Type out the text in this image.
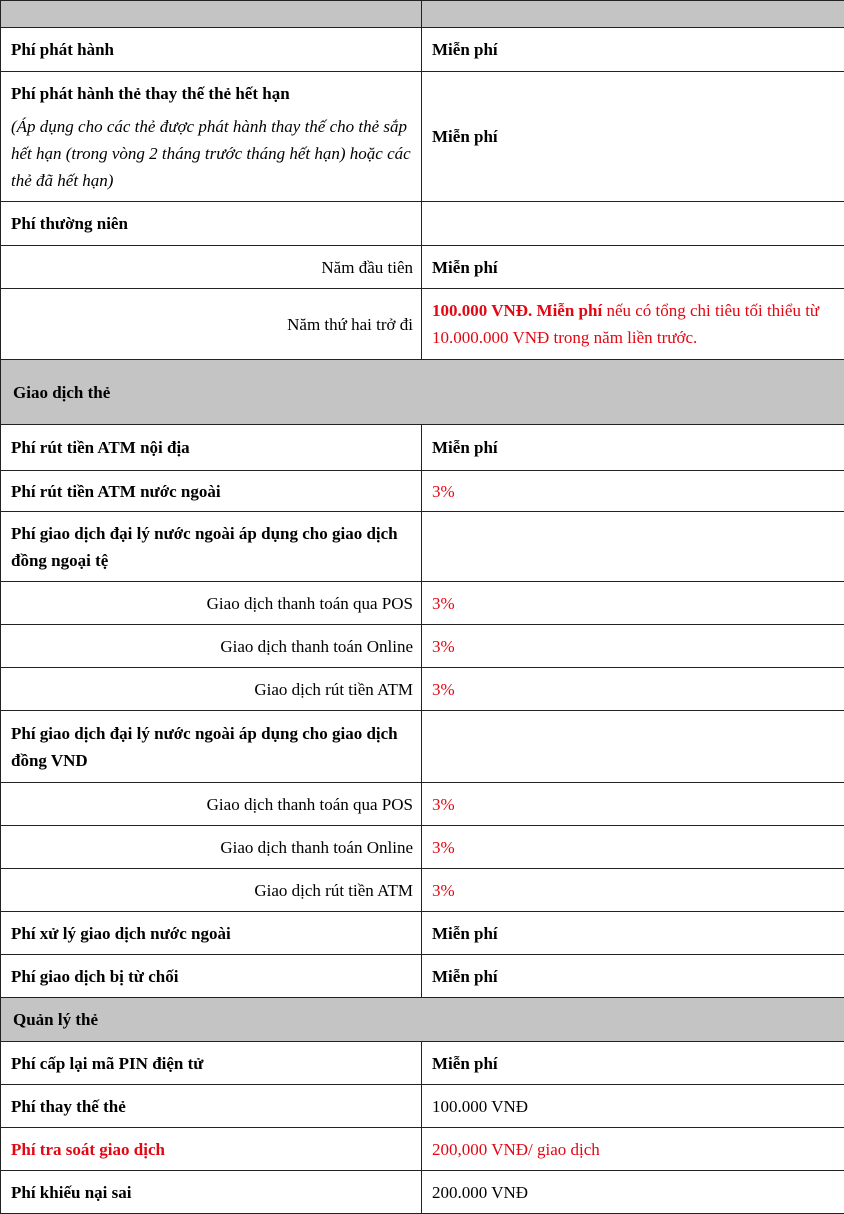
Phí phát hành	Miễn phí
Phí phát hành thẻ thay thế thẻ hết hạn
(Áp dụng cho các thẻ được phát hành thay thế cho thẻ sắp hết hạn (trong vòng 2 tháng trước tháng hết hạn) hoặc các thẻ đã hết hạn)	Miễn phí
Phí thường niên	
Năm đầu tiên	Miễn phí
Năm thứ hai trở đi	100.000 VNĐ. Miễn phí nếu có tổng chi tiêu tối thiểu từ 10.000.000 VNĐ trong năm liền trước.
Giao dịch thẻ	
Phí rút tiền ATM nội địa	Miễn phí
Phí rút tiền ATM nước ngoài	3%
Phí giao dịch đại lý nước ngoài áp dụng cho giao dịch đồng ngoại tệ	
Giao dịch thanh toán qua POS	3%
Giao dịch thanh toán Online	3%
Giao dịch rút tiền ATM	3%
Phí giao dịch đại lý nước ngoài áp dụng cho giao dịch đồng VND	
Giao dịch thanh toán qua POS	3%
Giao dịch thanh toán Online	3%
Giao dịch rút tiền ATM	3%
Phí xử lý giao dịch nước ngoài	Miễn phí
Phí giao dịch bị từ chối	Miễn phí
Quản lý thẻ	
Phí cấp lại mã PIN điện tử	Miễn phí
Phí thay thế thẻ	100.000 VNĐ
Phí tra soát giao dịch	200,000 VNĐ/ giao dịch
Phí khiếu nại sai	200.000 VNĐ
